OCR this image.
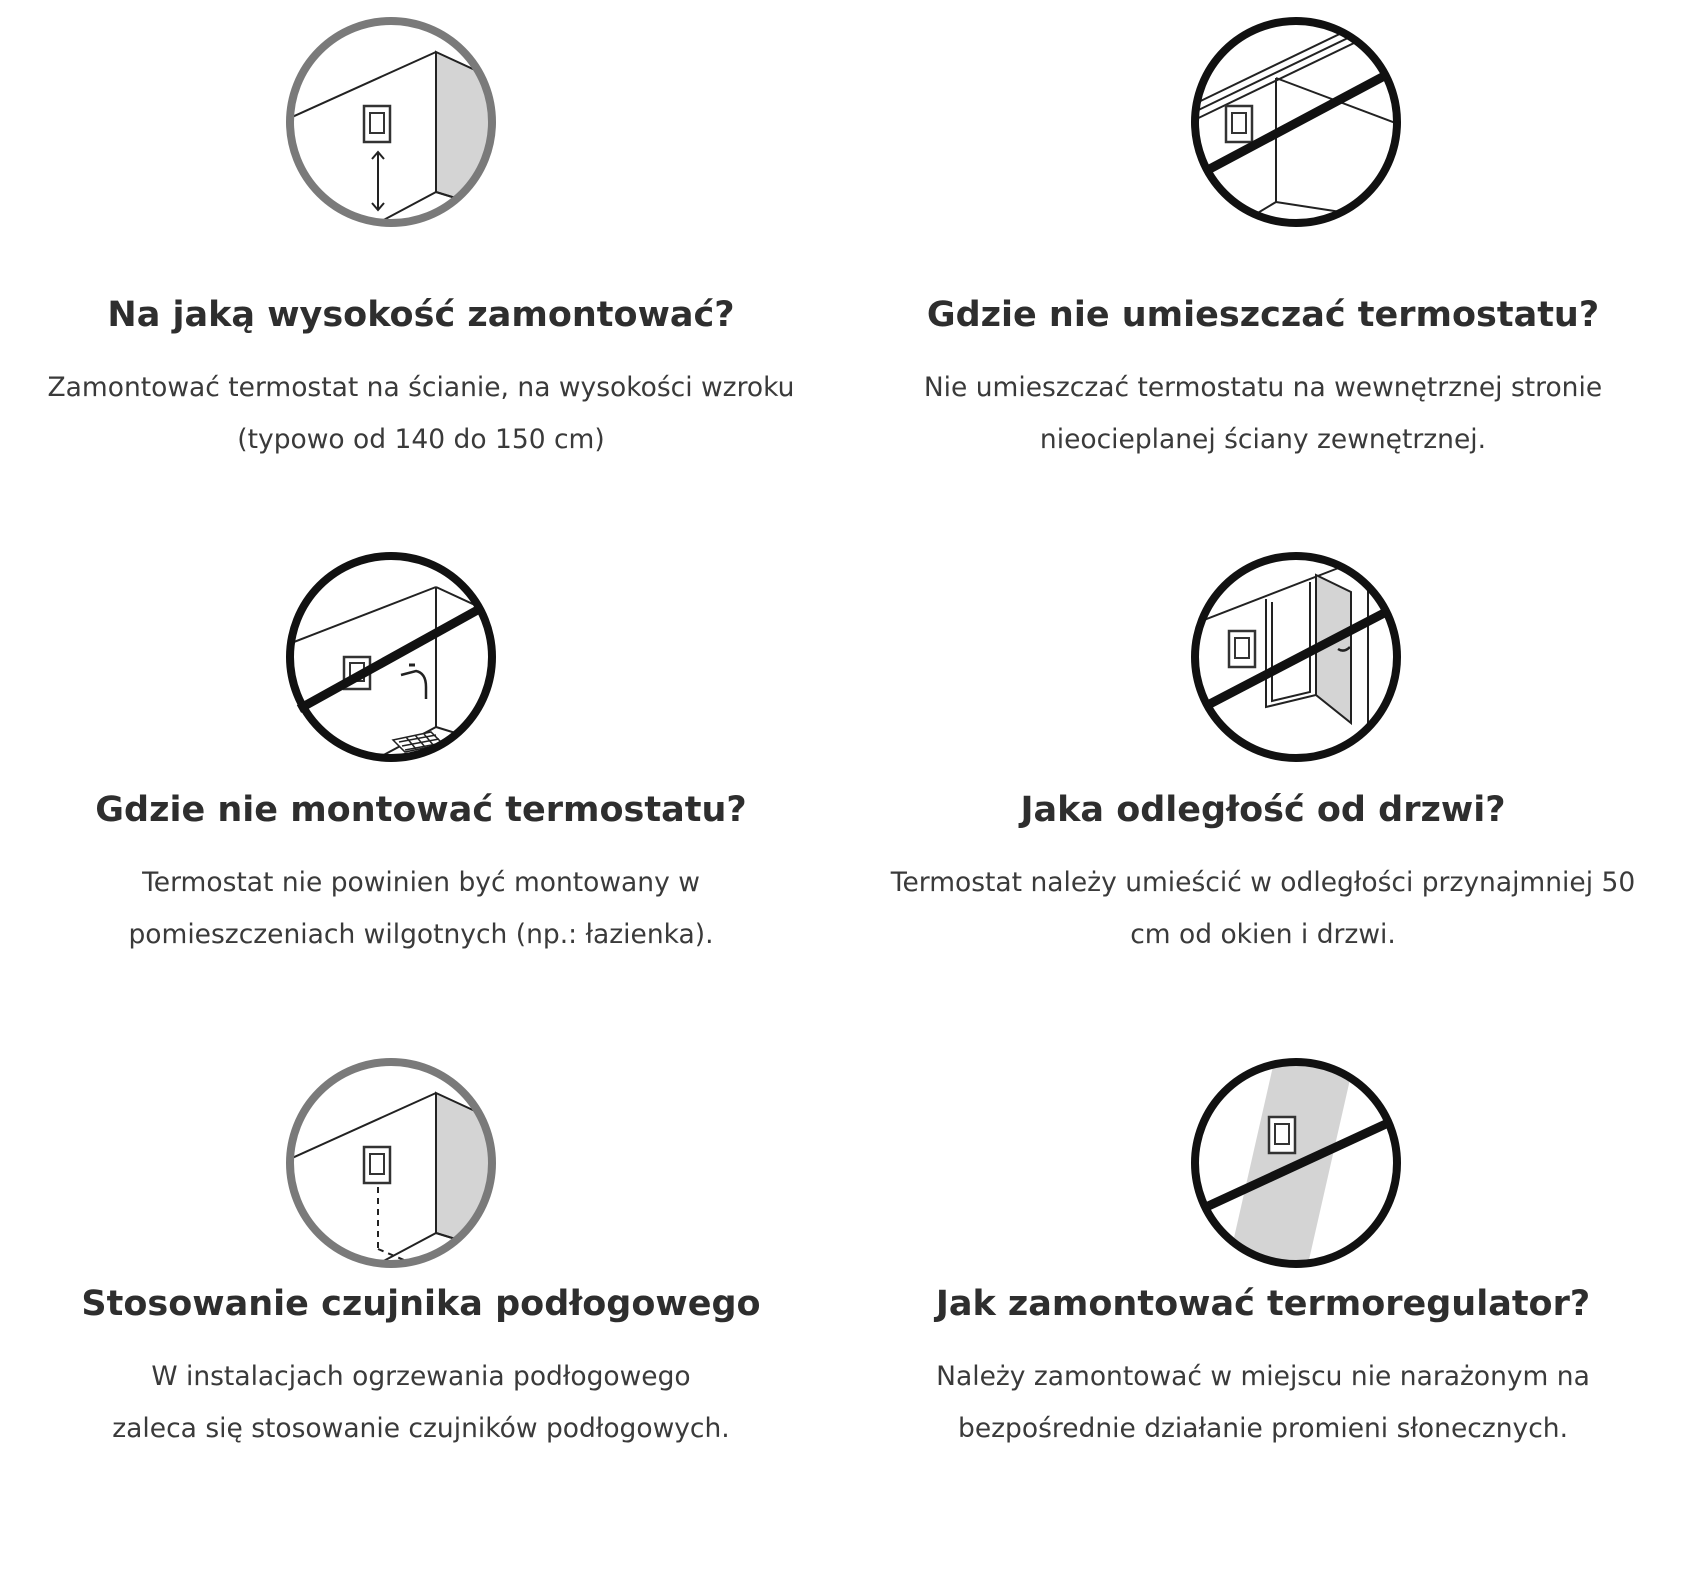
Na jaką wysokość zamontować?
Zamontować termostat na ścianie, na wysokości wzroku
(typowo od 140 do 150 cm)
Gdzie nie umieszczać termostatu?
Nie umieszczać termostatu na wewnętrznej stronie
nieocieplanej ściany zewnętrznej.
Gdzie nie montować termostatu?
Termostat nie powinien być montowany w
pomieszczeniach wilgotnych (np.: łazienka).
Jaka odległość od drzwi?
Termostat należy umieścić w odległości przynajmniej 50
cm od okien i drzwi.
Stosowanie czujnika podłogowego
W instalacjach ogrzewania podłogowego
zaleca się stosowanie czujników podłogowych.
Jak zamontować termoregulator?
Należy zamontować w miejscu nie narażonym na
bezpośrednie działanie promieni słonecznych.
